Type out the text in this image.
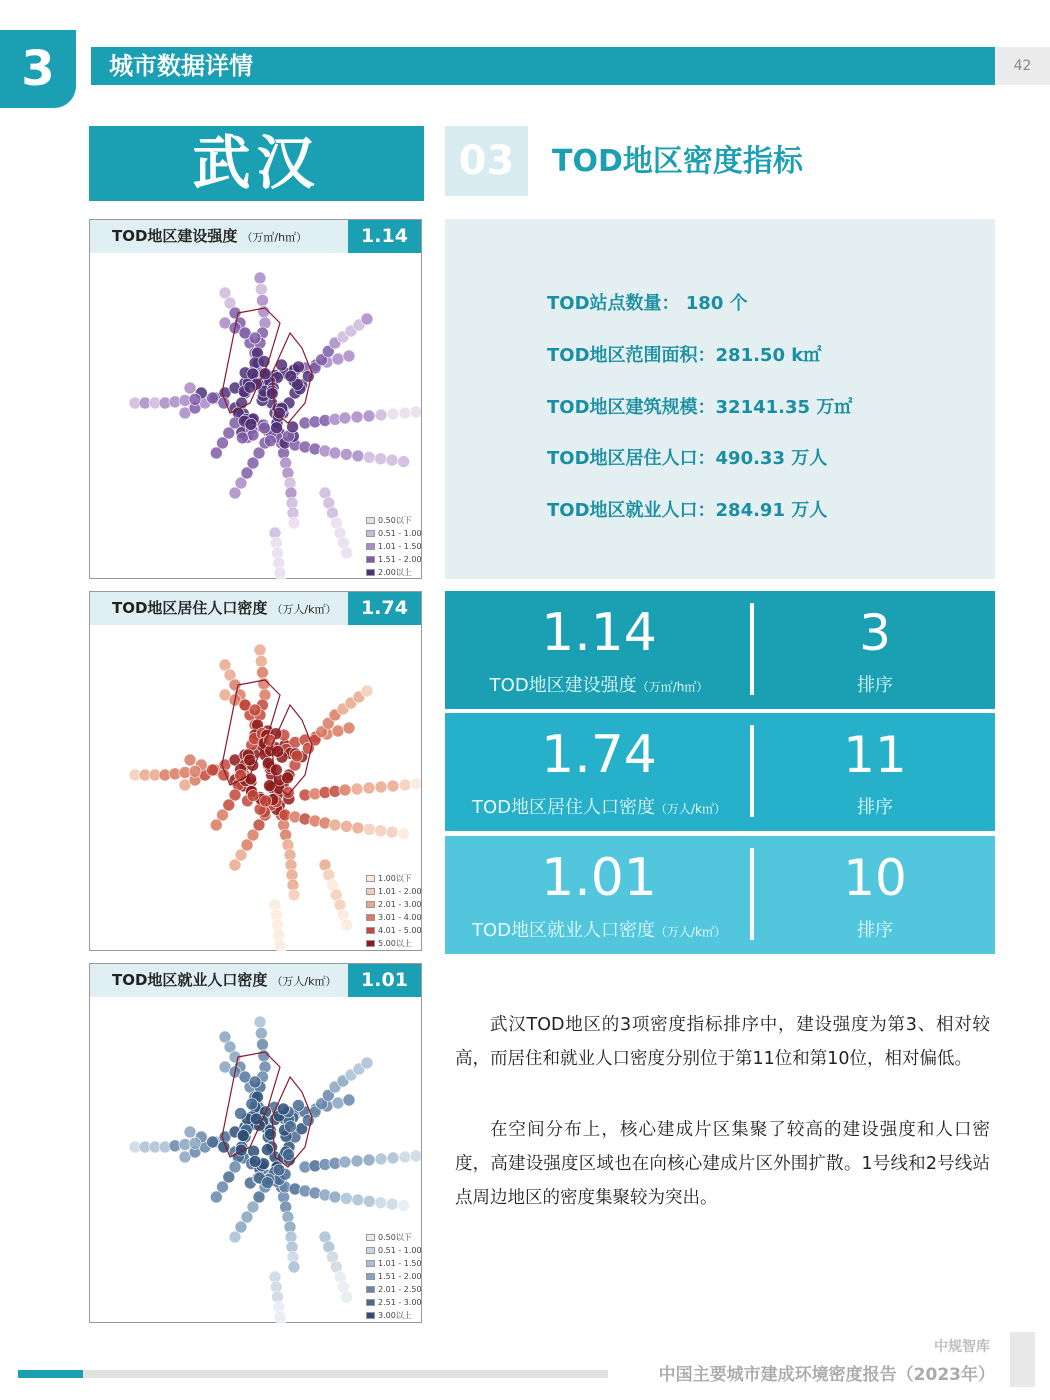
3	城市数据详情	42
武汉	03	TOD地区密度指标
TOD地区建设强度 （万㎡/h㎡）	1.14
0.50以下
0.51 - 1.00
1.01 - 1.50
1.51 - 2.00
2.00以上
TOD地区居住人口密度 （万人/k㎡）	1.74
1.00以下
1.01 - 2.00
2.01 - 3.00
3.01 - 4.00
4.01 - 5.00
5.00以上
TOD地区就业人口密度 （万人/k㎡）	1.01
0.50以下
0.51 - 1.00
1.01 - 1.50
1.51 - 2.00
2.01 - 2.50
2.51 - 3.00
3.00以上
TOD站点数量： 180 个
TOD地区范围面积：281.50 k㎡
TOD地区建筑规模：32141.35 万㎡
TOD地区居住人口：490.33 万人
TOD地区就业人口：284.91 万人
1.14
TOD地区建设强度（万㎡/h㎡）
3
排序
1.74
TOD地区居住人口密度（万人/k㎡）
11
排序
1.01
TOD地区就业人口密度（万人/k㎡）
10
排序
武汉TOD地区的3项密度指标排序中，建设强度为第3、相对较高，而居住和就业人口密度分别位于第11位和第10位，相对偏低。
在空间分布上，核心建成片区集聚了较高的建设强度和人口密度，高建设强度区域也在向核心建成片区外围扩散。1号线和2号线站点周边地区的密度集聚较为突出。
中规智库
中国主要城市建成环境密度报告（2023年）
